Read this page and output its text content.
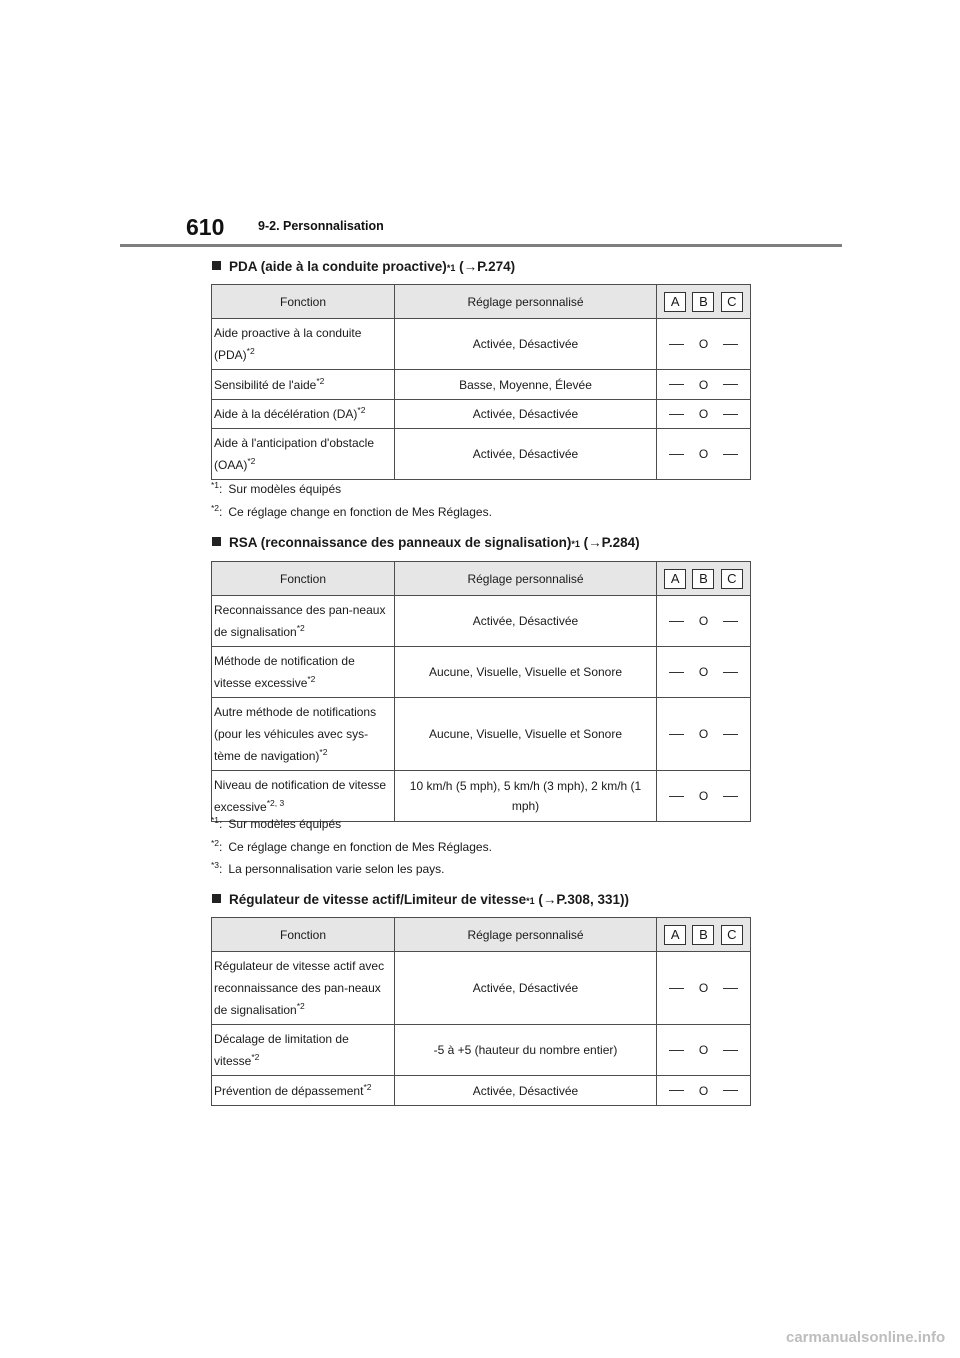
610	9-2. Personnalisation
PDA (aide à la conduite proactive) *1
(→P.274)
Fonction	Réglage personnalisé	A B C

Aide proactive à la conduite (PDA)$^{*2}$	Activée, Désactivée	O

Sensibilité de l'aide$^{*2}$	Basse, Moyenne, Élevée	O

Aide à la décélération (DA)$^{*2}$	Activée, Désactivée	O

Aide à l'anticipation d'obstacle (OAA)$^{*2}$	Activée, Désactivée	O
*1 : Sur modèles équipés
*2 : Ce réglage change en fonction de Mes Réglages.
RSA (reconnaissance des panneaux de signalisation) *1
(→P.284)
Fonction	Réglage personnalisé	A B C

Reconnaissance des pan-neaux de signalisation$^{*2}$	Activée, Désactivée	O

Méthode de notification de vitesse excessive$^{*2}$	Aucune, Visuelle, Visuelle et Sonore	O

Autre méthode de notifications (pour les véhicules avec sys-tème de navigation)$^{*2}$	Aucune, Visuelle, Visuelle et Sonore	O

Niveau de notification de vitesse excessive$^{*2, 3}$	10 km/h (5 mph), 5 km/h (3 mph), 2 km/h (1 mph)	O
*1 : Sur modèles équipés
*2 : Ce réglage change en fonction de Mes Réglages.
*3 : La personnalisation varie selon les pays.
Régulateur de vitesse actif/Limiteur de vitesse *1
(→P.308, 331))
Fonction	Réglage personnalisé	A B C

Régulateur de vitesse actif avec reconnaissance des pan-neaux de signalisation$^{*2}$	Activée, Désactivée	O

Décalage de limitation de vitesse$^{*2}$	-5 à +5 (hauteur du nombre entier)	O

Prévention de dépassement$^{*2}$	Activée, Désactivée	O
carmanualsonline.info
